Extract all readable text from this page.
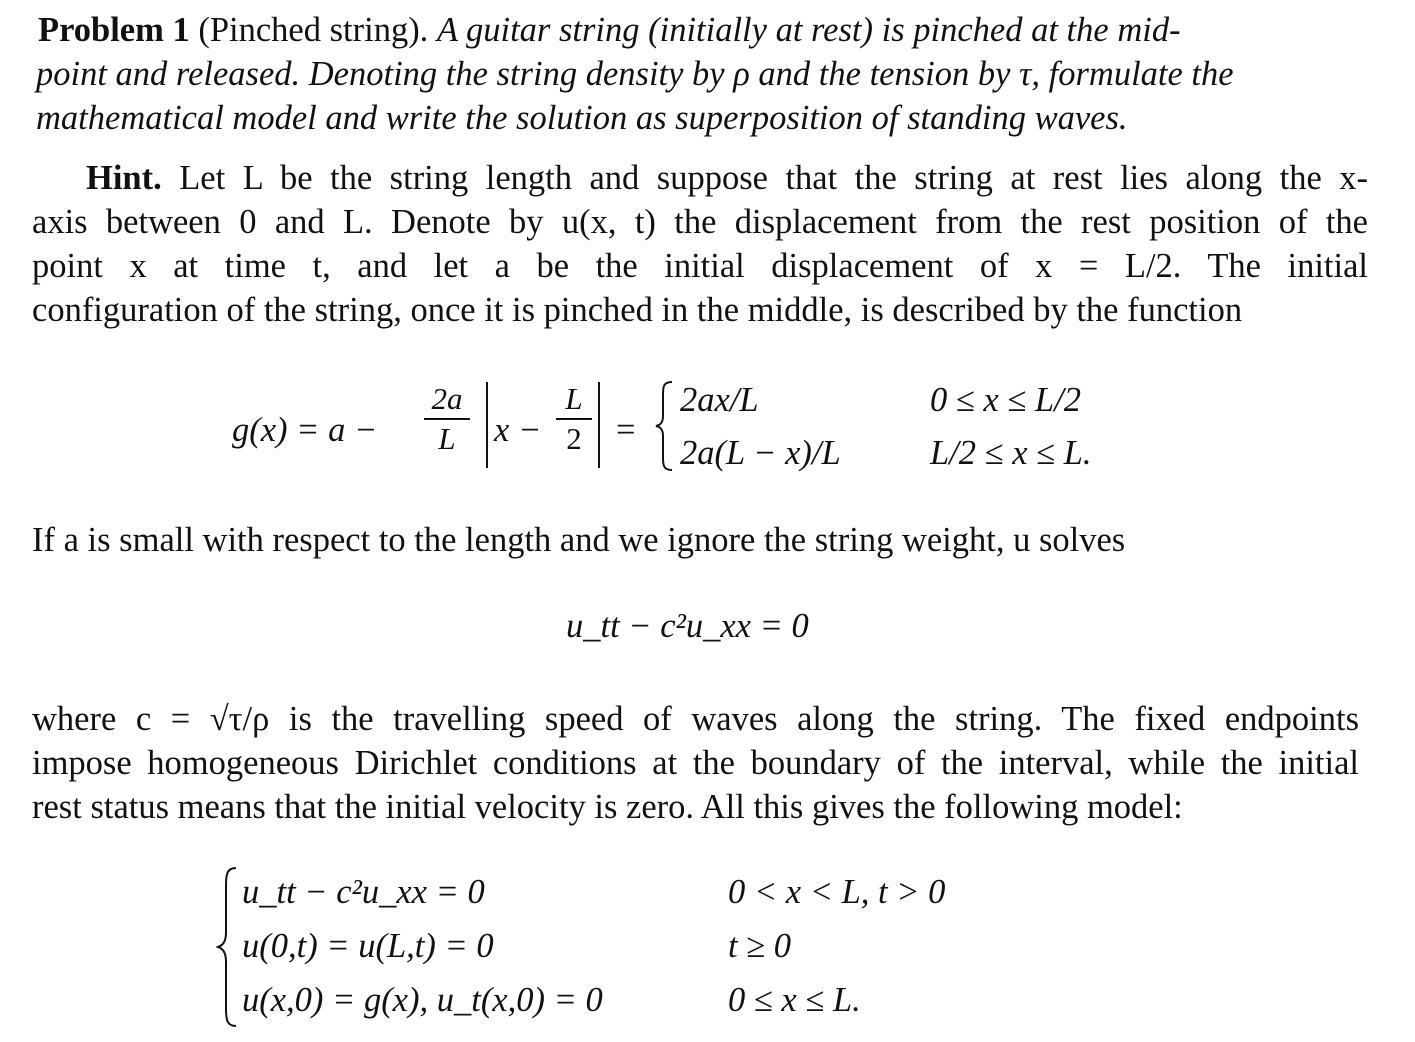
Problem 1 (Pinched string). A guitar string (initially at rest) is pinched at the mid-
point and released. Denoting the string density by ρ and the tension by τ, formulate the
mathematical model and write the solution as superposition of standing waves.
Hint. Let L be the string length and suppose that the string at rest lies along the x-
axis between 0 and L. Denote by u(x, t) the displacement from the rest position of the
point x at time t, and let a be the initial displacement of x = L/2. The initial
configuration of the string, once it is pinched in the middle, is described by the function
g(x) = a −
2a
L	x −
L
2 =
2ax/L	0 ≤ x ≤ L/2
2a(L − x)/L	L/2 ≤ x ≤ L.
If a is small with respect to the length and we ignore the string weight, u solves
u_tt − c²u_xx = 0
where c = √τ/ρ is the travelling speed of waves along the string. The fixed endpoints
impose homogeneous Dirichlet conditions at the boundary of the interval, while the initial
rest status means that the initial velocity is zero. All this gives the following model:
u_tt − c²u_xx = 0	0 < x < L, t > 0
u(0,t) = u(L,t) = 0	t ≥ 0
u(x,0) = g(x), u_t(x,0) = 0	0 ≤ x ≤ L.
